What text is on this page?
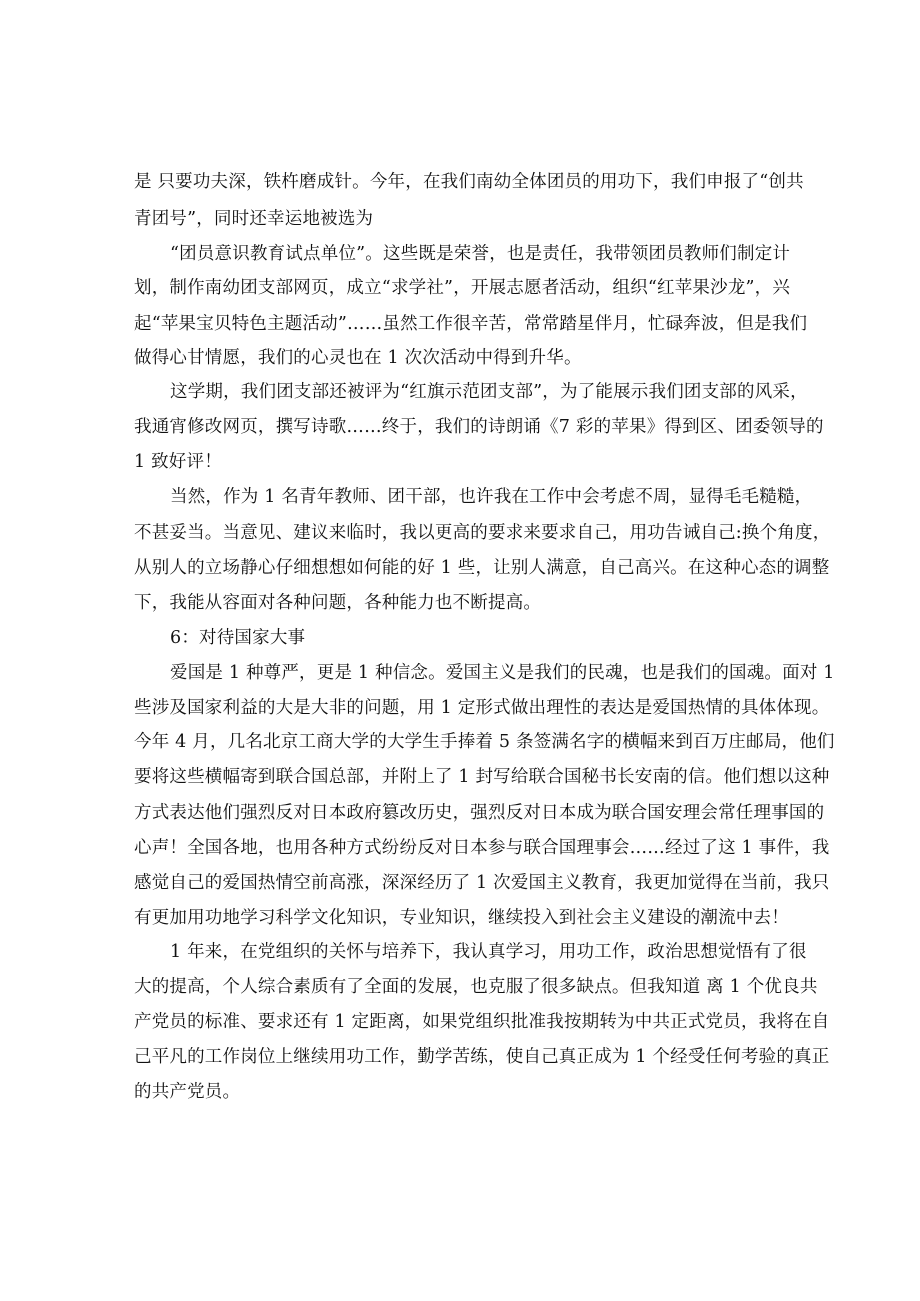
是 只要功夫深，铁杵磨成针。今年，在我们南幼全体团员的用功下，我们申报了“创共
青团号”，同时还幸运地被选为
“团员意识教育试点单位”。这些既是荣誉，也是责任，我带领团员教师们制定计
划，制作南幼团支部网页，成立“求学社”，开展志愿者活动，组织“红苹果沙龙”，兴
起“苹果宝贝特色主题活动”……虽然工作很辛苦，常常踏星伴月，忙碌奔波，但是我们
做得心甘情愿，我们的心灵也在 1 次次活动中得到升华。
这学期，我们团支部还被评为“红旗示范团支部”，为了能展示我们团支部的风采，
我通宵修改网页，撰写诗歌……终于，我们的诗朗诵《7 彩的苹果》得到区、团委领导的
1 致好评！
当然，作为 1 名青年教师、团干部，也许我在工作中会考虑不周，显得毛毛糙糙，
不甚妥当。当意见、建议来临时，我以更高的要求来要求自己，用功告诫自己:换个角度，
从别人的立场静心仔细想想如何能的好 1 些，让别人满意，自己高兴。在这种心态的调整
下，我能从容面对各种问题，各种能力也不断提高。
6：对待国家大事
爱国是 1 种尊严，更是 1 种信念。爱国主义是我们的民魂，也是我们的国魂。面对 1
些涉及国家利益的大是大非的问题，用 1 定形式做出理性的表达是爱国热情的具体体现。
今年 4 月，几名北京工商大学的大学生手捧着 5 条签满名字的横幅来到百万庄邮局，他们
要将这些横幅寄到联合国总部，并附上了 1 封写给联合国秘书长安南的信。他们想以这种
方式表达他们强烈反对日本政府篡改历史，强烈反对日本成为联合国安理会常任理事国的
心声！全国各地，也用各种方式纷纷反对日本参与联合国理事会……经过了这 1 事件，我
感觉自己的爱国热情空前高涨，深深经历了 1 次爱国主义教育，我更加觉得在当前，我只
有更加用功地学习科学文化知识，专业知识，继续投入到社会主义建设的潮流中去！
1 年来，在党组织的关怀与培养下，我认真学习，用功工作，政治思想觉悟有了很
大的提高，个人综合素质有了全面的发展，也克服了很多缺点。但我知道 离 1 个优良共
产党员的标准、要求还有 1 定距离，如果党组织批准我按期转为中共正式党员，我将在自
己平凡的工作岗位上继续用功工作，勤学苦练，使自己真正成为 1 个经受任何考验的真正
的共产党员。
